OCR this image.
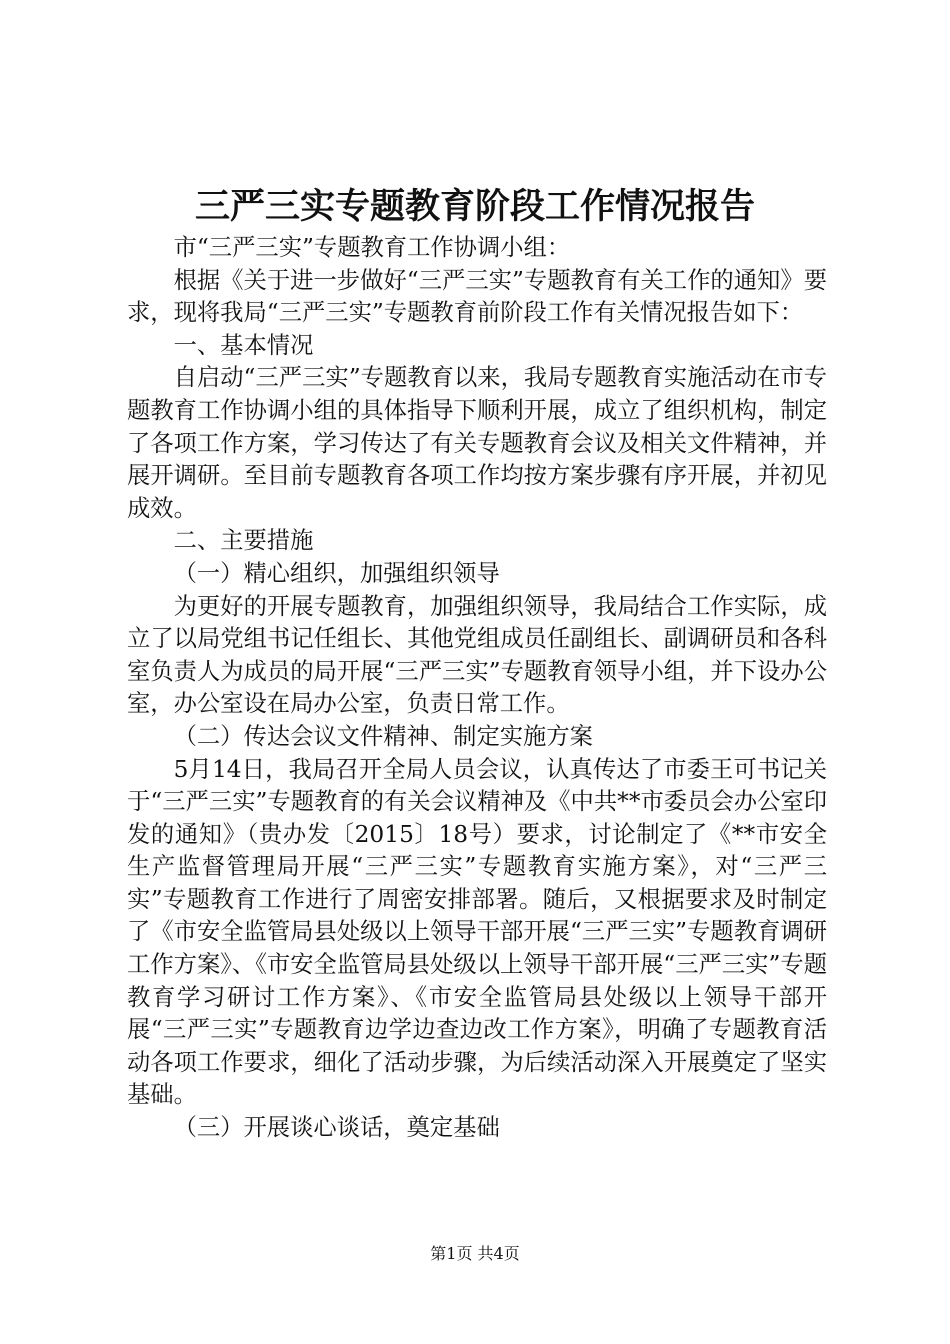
三严三实专题教育阶段工作情况报告

市“三严三实”专题教育工作协调小组：

根据《关于进一步做好“三严三实”专题教育有关工作的通知》要求，现将我局“三严三实”专题教育前阶段工作有关情况报告如下：

一、基本情况

自启动“三严三实”专题教育以来，我局专题教育实施活动在市专题教育工作协调小组的具体指导下顺利开展，成立了组织机构，制定了各项工作方案，学习传达了有关专题教育会议及相关文件精神，并展开调研。至目前专题教育各项工作均按方案步骤有序开展，并初见成效。

二、主要措施

（一）精心组织，加强组织领导

为更好的开展专题教育，加强组织领导，我局结合工作实际，成立了以局党组书记任组长、其他党组成员任副组长、副调研员和各科室负责人为成员的局开展“三严三实”专题教育领导小组，并下设办公室，办公室设在局办公室，负责日常工作。

（二）传达会议文件精神、制定实施方案

5月14日，我局召开全局人员会议，认真传达了市委王可书记关于“三严三实”专题教育的有关会议精神及《中共**市委员会办公室印发的通知》（贵办发〔2015〕18号）要求，讨论制定了《**市安全生产监督管理局开展“三严三实”专题教育实施方案》，对“三严三实”专题教育工作进行了周密安排部署。随后，又根据要求及时制定了《市安全监管局县处级以上领导干部开展“三严三实”专题教育调研工作方案》、《市安全监管局县处级以上领导干部开展“三严三实”专题教育学习研讨工作方案》、《市安全监管局县处级以上领导干部开展“三严三实”专题教育边学边查边改工作方案》，明确了专题教育活动各项工作要求，细化了活动步骤，为后续活动深入开展奠定了坚实基础。

（三）开展谈心谈话，奠定基础

第1页 共4页
